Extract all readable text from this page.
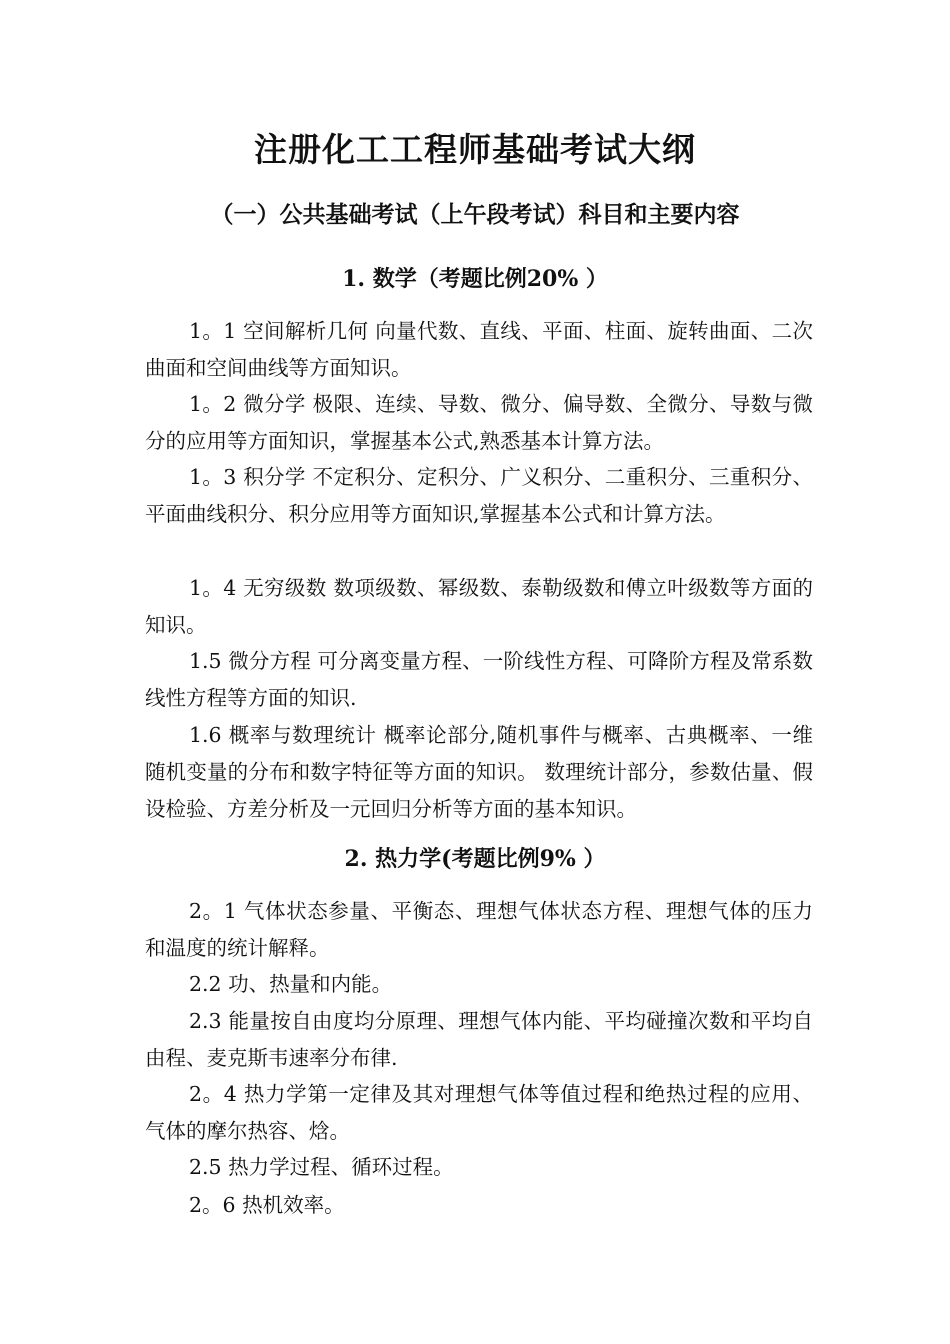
注册化工工程师基础考试大纲
（一）公共基础考试（上午段考试）科目和主要内容
1. 数学（考题比例20% ）

1。1 空间解析几何 向量代数、直线、平面、柱面、旋转曲面、二次曲面和空间曲线等方面知识。

1。2 微分学 极限、连续、导数、微分、偏导数、全微分、导数与微分的应用等方面知识，掌握基本公式,熟悉基本计算方法。

1。3 积分学 不定积分、定积分、广义积分、二重积分、三重积分、平面曲线积分、积分应用等方面知识,掌握基本公式和计算方法。

1。4 无穷级数 数项级数、幂级数、泰勒级数和傅立叶级数等方面的知识。

1.5 微分方程 可分离变量方程、一阶线性方程、可降阶方程及常系数线性方程等方面的知识.

1.6 概率与数理统计 概率论部分,随机事件与概率、古典概率、一维随机变量的分布和数字特征等方面的知识。 数理统计部分，参数估量、假设检验、方差分析及一元回归分析等方面的基本知识。

2. 热力学(考题比例9% ）

2。1 气体状态参量、平衡态、理想气体状态方程、理想气体的压力和温度的统计解释。

2.2 功、热量和内能。

2.3 能量按自由度均分原理、理想气体内能、平均碰撞次数和平均自由程、麦克斯韦速率分布律.

2。4 热力学第一定律及其对理想气体等值过程和绝热过程的应用、气体的摩尔热容、焓。

2.5 热力学过程、循环过程。

2。6 热机效率。
